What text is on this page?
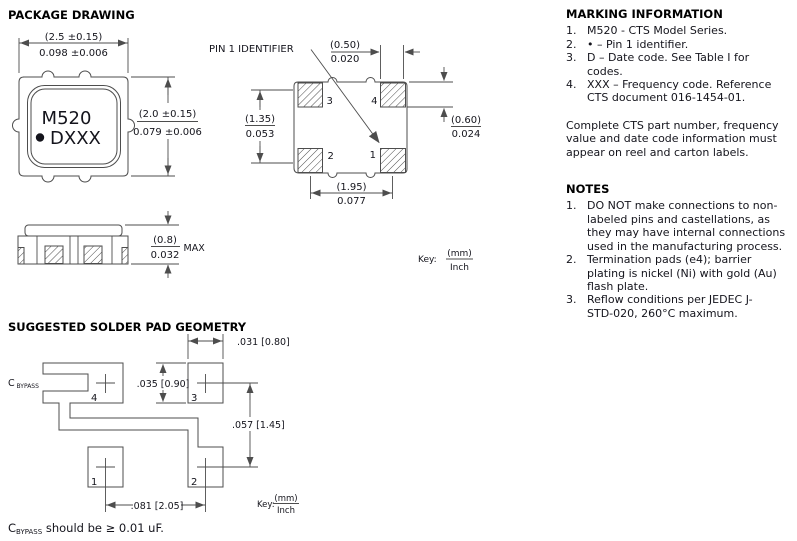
PACKAGE DRAWING
SUGGESTED SOLDER PAD GEOMETRY
M520
DXXX
(2.5 ±0.15)
0.098 ±0.006
(2.0 ±0.15)
0.079 ±0.006
(0.8)
0.032
MAX
3	4
2	1
PIN 1 IDENTIFIER	(0.50)
0.020
(0.60)
0.024
(1.35)
0.053
(1.95)
0.077
Key:
(mm)
Inch
4	3
1	2
C BYPASS
.031 [0.80]
.035 [0.90]
.057 [1.45]
.081 [2.05]	Key:
(mm)
Inch
MARKING INFORMATION
1. M520 - CTS Model Series.
2. • – Pin 1 identifier.
3. D – Date code. See Table I for
codes.
4. XXX – Frequency code. Reference
CTS document 016-1454-01.
Complete CTS part number, frequency
value and date code information must
appear on reel and carton labels.
NOTES
1. DO NOT make connections to non-
labeled pins and castellations, as
they may have internal connections
used in the manufacturing process.
2. Termination pads (e4); barrier
plating is nickel (Ni) with gold (Au)
flash plate.
3. Reflow conditions per JEDEC J-
STD-020, 260°C maximum.
$C_{BYPASS}$ should be ≥ 0.01 uF.
